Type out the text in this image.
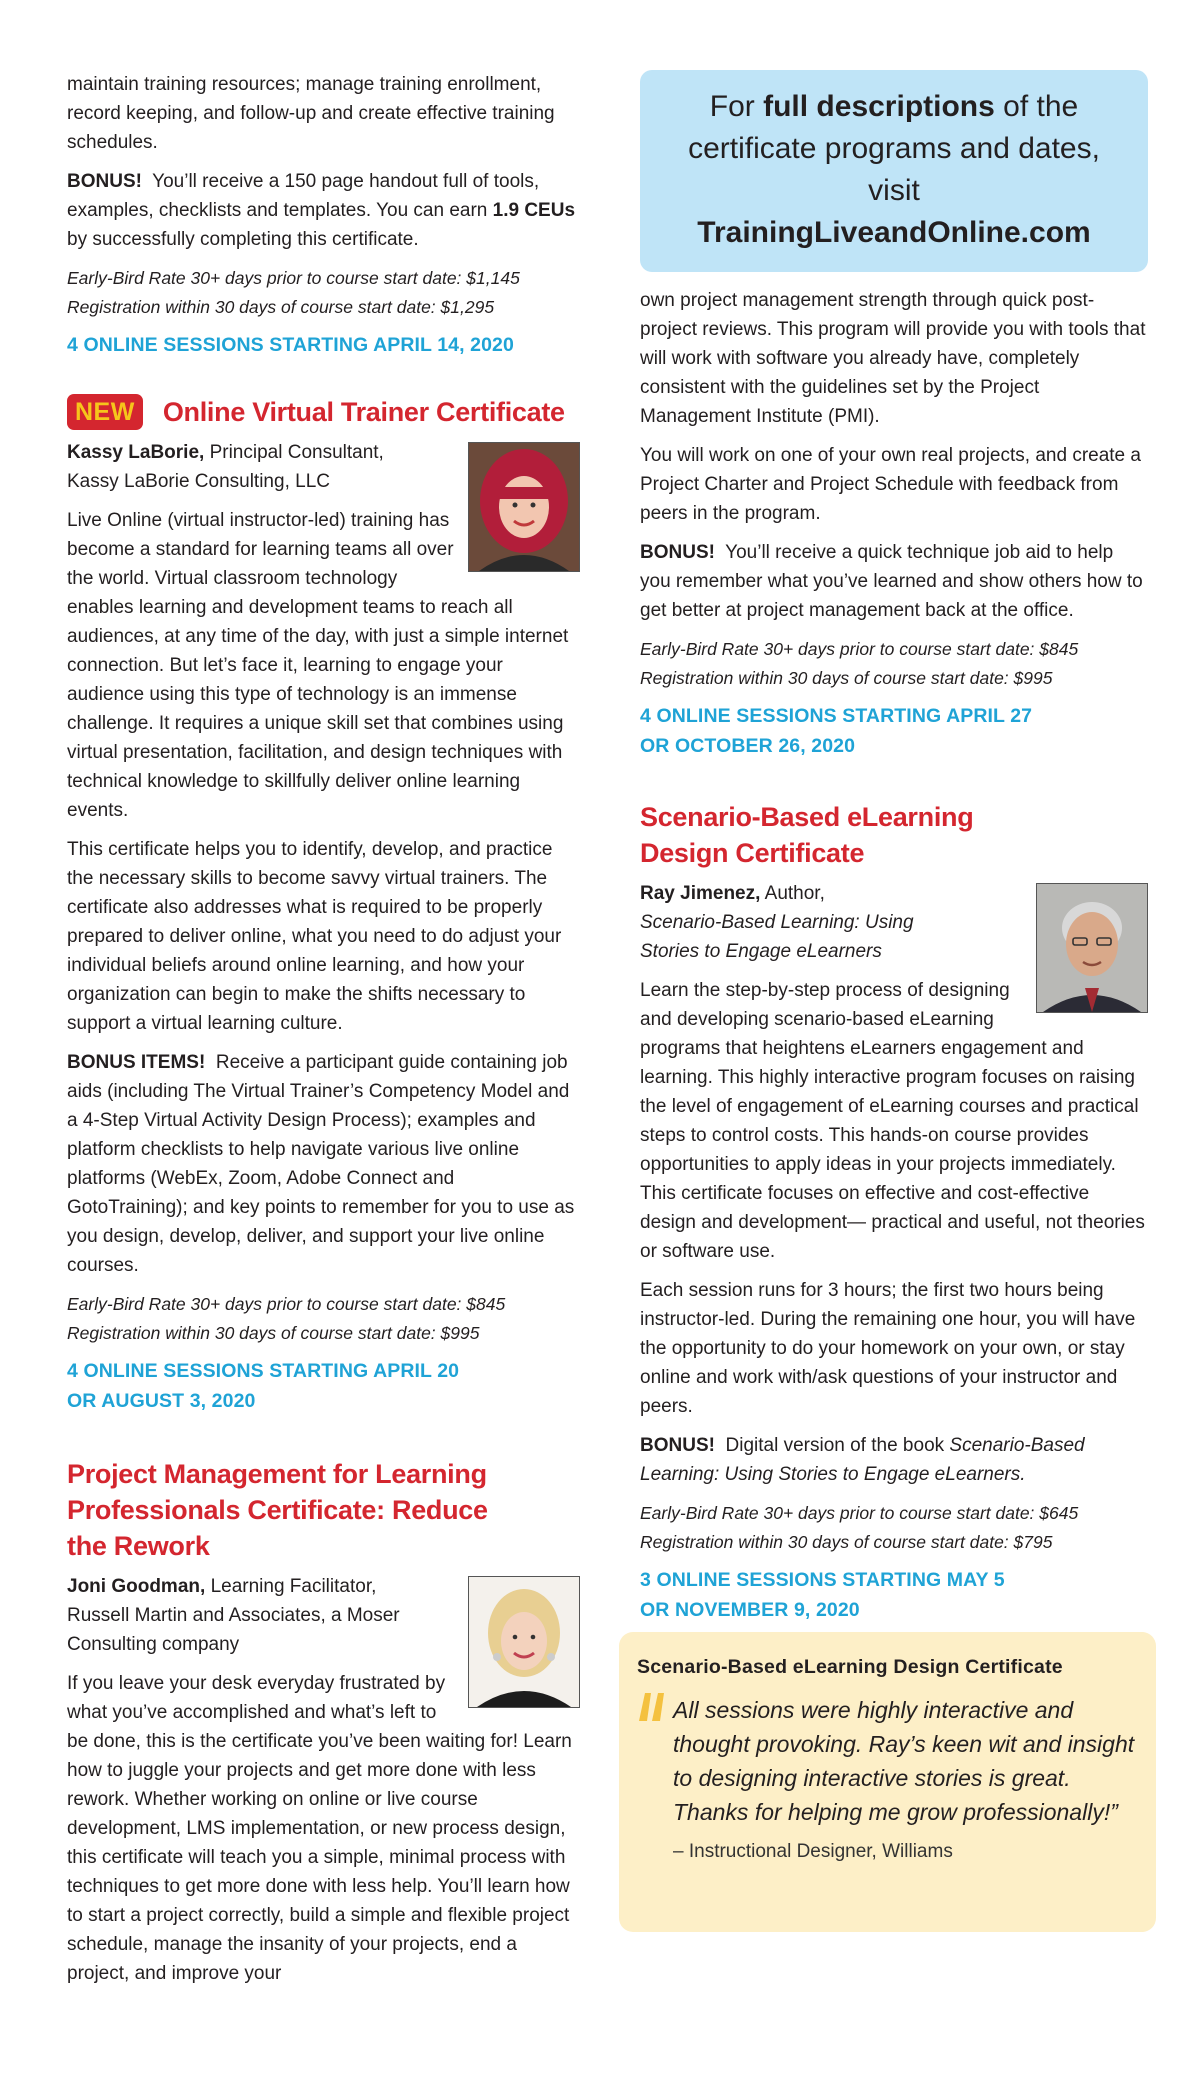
maintain training resources; manage training enrollment, record keeping, and follow-up and create effective training schedules.

BONUS! You’ll receive a 150 page handout full of tools, examples, checklists and templates. You can earn 1.9 CEUs by successfully completing this certificate.

Early-Bird Rate 30+ days prior to course start date: $1,145

Registration within 30 days of course start date: $1,295

4 ONLINE SESSIONS STARTING APRIL 14, 2020

NEW Online Virtual Trainer Certificate

Kassy LaBorie, Principal Consultant,
Kassy LaBorie Consulting, LLC

Live Online (virtual instructor-led) training has become a standard for learning teams all over the world. Virtual classroom technology enables learning and development teams to reach all audiences, at any time of the day, with just a simple internet connection. But let’s face it, learning to engage your audience using this type of technology is an immense challenge. It requires a unique skill set that combines using virtual presentation, facilitation, and design techniques with technical knowledge to skillfully deliver online learning events.

This certificate helps you to identify, develop, and practice the necessary skills to become savvy virtual trainers. The certificate also addresses what is required to be properly prepared to deliver online, what you need to do adjust your individual beliefs around online learning, and how your organization can begin to make the shifts necessary to support a virtual learning culture.

BONUS ITEMS! Receive a participant guide containing job aids (including The Virtual Trainer’s Competency Model and a 4-Step Virtual Activity Design Process); examples and platform checklists to help navigate various live online platforms (WebEx, Zoom, Adobe Connect and GotoTraining); and key points to remember for you to use as you design, develop, deliver, and support your live online courses.

Early-Bird Rate 30+ days prior to course start date: $845

Registration within 30 days of course start date: $995

4 ONLINE SESSIONS STARTING APRIL 20
OR AUGUST 3, 2020

Project Management for Learning
Professionals Certificate: Reduce
the Rework

Joni Goodman, Learning Facilitator,
Russell Martin and Associates, a Moser Consulting company

If you leave your desk everyday frustrated by what you’ve accomplished and what’s left to be done, this is the certificate you’ve been waiting for! Learn how to juggle your projects and get more done with less rework. Whether working on online or live course development, LMS implementation, or new process design, this certificate will teach you a simple, minimal process with techniques to get more done with less help. You’ll learn how to start a project correctly, build a simple and flexible project schedule, manage the insanity of your projects, end a project, and improve your

For full descriptions of the certificate programs and dates, visit
TrainingLiveandOnline.com

own project management strength through quick post-project reviews. This program will provide you with tools that will work with software you already have, completely consistent with the guidelines set by the Project Management Institute (PMI).

You will work on one of your own real projects, and create a Project Charter and Project Schedule with feedback from peers in the program.

BONUS! You’ll receive a quick technique job aid to help you remember what you’ve learned and show others how to get better at project management back at the office.

Early-Bird Rate 30+ days prior to course start date: $845

Registration within 30 days of course start date: $995

4 ONLINE SESSIONS STARTING APRIL 27
OR OCTOBER 26, 2020

Scenario-Based eLearning
Design Certificate

Ray Jimenez, Author,
Scenario-Based Learning: Using Stories to Engage eLearners

Learn the step-by-step process of designing and developing scenario-based eLearning programs that heightens eLearners engagement and learning. This highly interactive program focuses on raising the level of engagement of eLearning courses and practical steps to control costs. This hands-on course provides opportunities to apply ideas in your projects immediately. This certificate focuses on effective and cost-effective design and development— practical and useful, not theories or software use.

Each session runs for 3 hours; the first two hours being instructor-led. During the remaining one hour, you will have the opportunity to do your homework on your own, or stay online and work with/ask questions of your instructor and peers.

BONUS! Digital version of the book Scenario-Based Learning: Using Stories to Engage eLearners.

Early-Bird Rate 30+ days prior to course start date: $645

Registration within 30 days of course start date: $795

3 ONLINE SESSIONS STARTING MAY 5
OR NOVEMBER 9, 2020

Scenario-Based eLearning Design Certificate

All sessions were highly interactive and thought provoking. Ray’s keen wit and insight to designing interactive stories is great. Thanks for helping me grow professionally!”

– Instructional Designer, Williams
